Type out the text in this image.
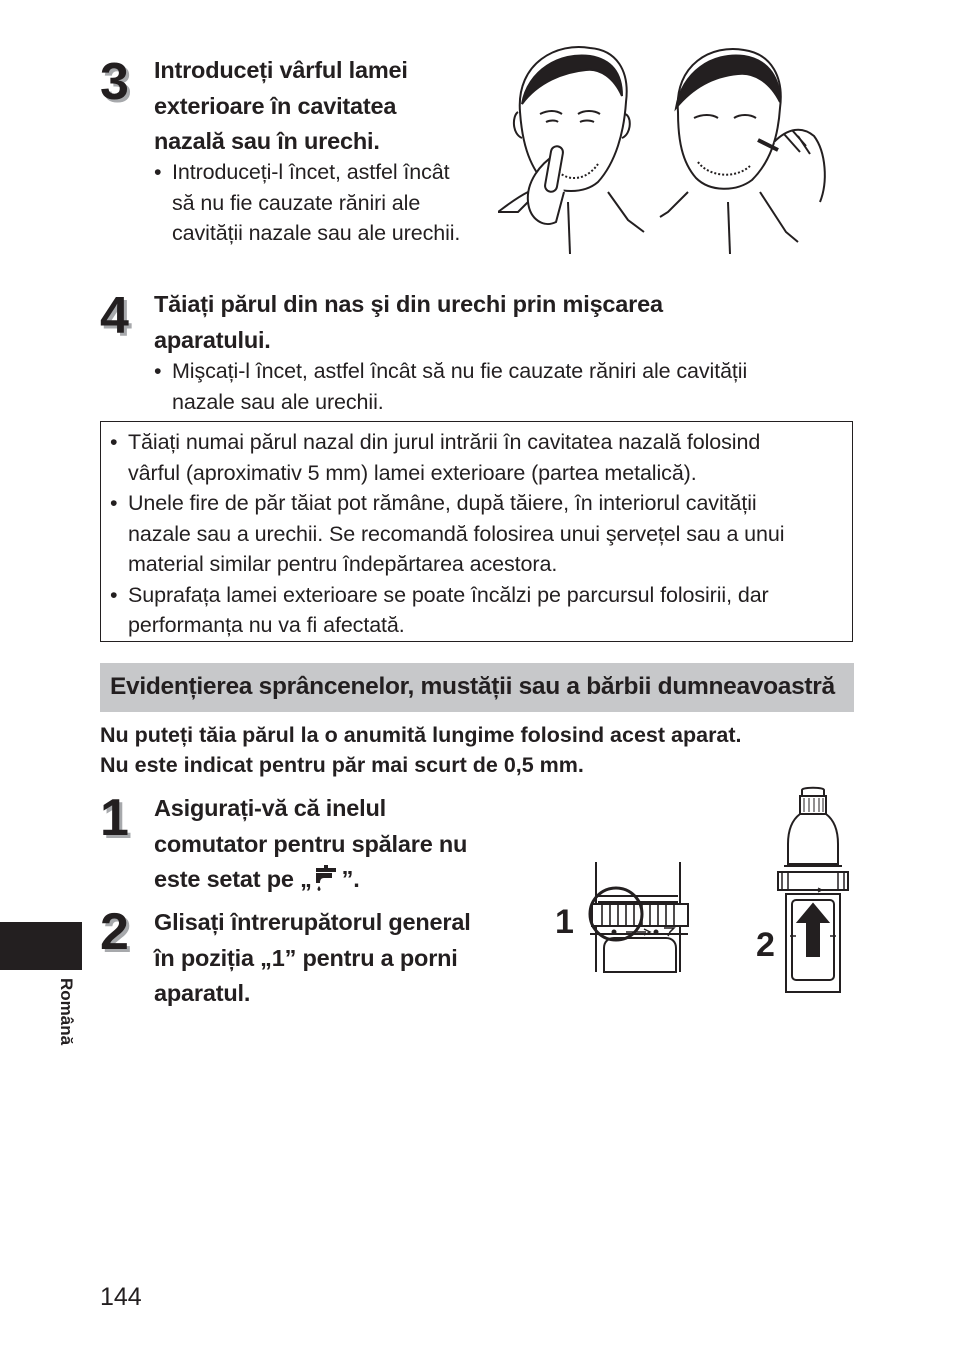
3 Introduceți vârful lamei
exterioare în cavitatea
nazală sau în urechi.
• Introduceți-l încet, astfel încât
să nu fie cauzate răniri ale
cavității nazale sau ale urechii.
4 Tăiați părul din nas şi din urechi prin mişcarea
aparatului.
• Mişcați-l încet, astfel încât să nu fie cauzate răniri ale cavității
nazale sau ale urechii.
• Tăiați numai părul nazal din jurul intrării în cavitatea nazală folosind
vârful (aproximativ 5 mm) lamei exterioare (partea metalică).
• Unele fire de păr tăiat pot rămâne, după tăiere, în interiorul cavității
nazale sau a urechii. Se recomandă folosirea unui şervețel sau a unui
material similar pentru îndepărtarea acestora.
• Suprafața lamei exterioare se poate încălzi pe parcursul folosirii, dar
performanța nu va fi afectată.
Evidențierea sprâncenelor, mustății sau a bărbii dumneavoastră
Nu puteți tăia părul la o anumită lungime folosind acest aparat.
Nu este indicat pentru păr mai scurt de 0,5 mm.
1 Asigurați-vă că inelul
comutator pentru spălare nu
este setat pe „ ”.
2 Glisați întrerupătorul general
în poziția „1” pentru a porni
aparatul.
1
2
Română
144
